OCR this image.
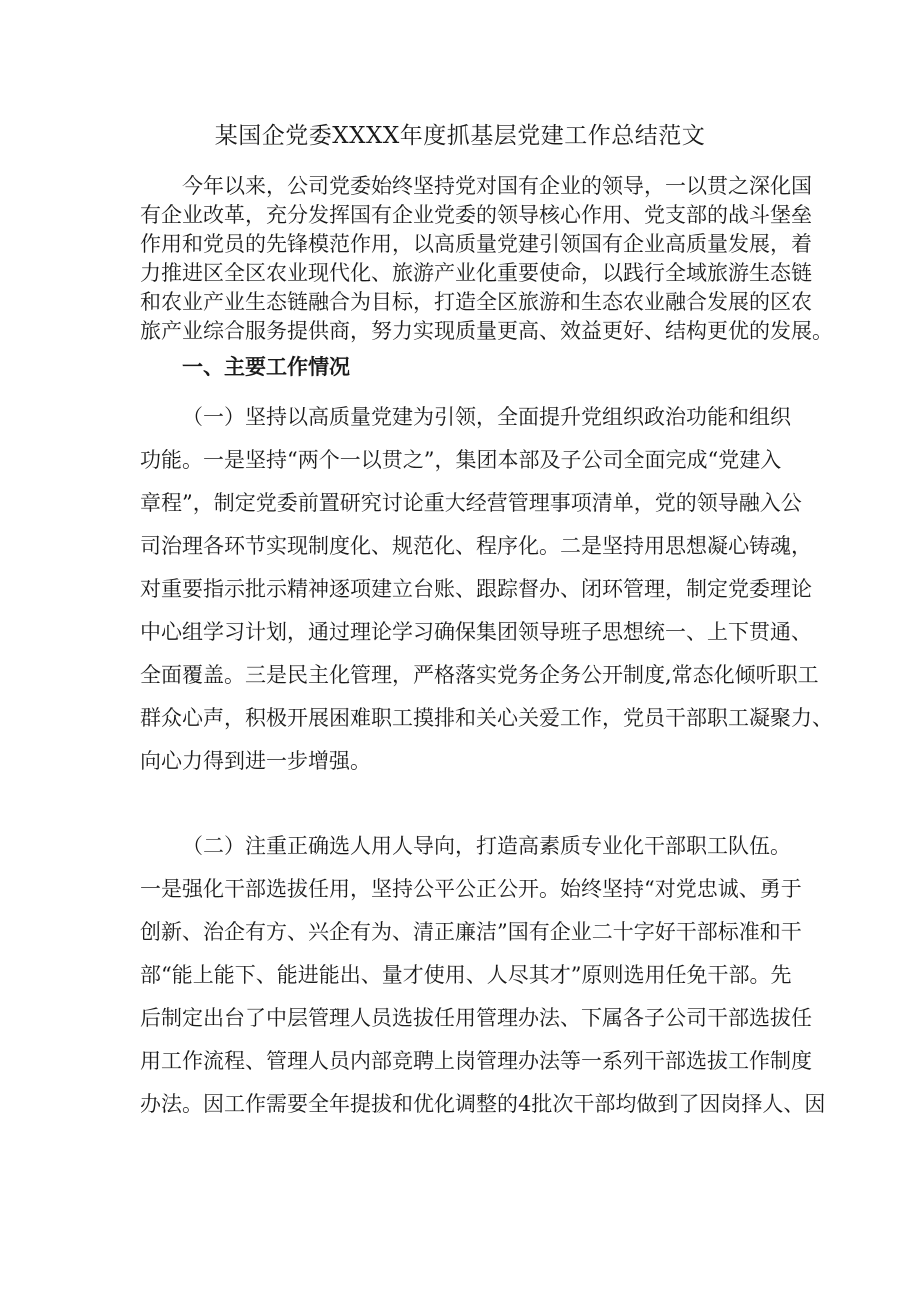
某国企党委XXXX年度抓基层党建工作总结范文

今年以来，公司党委始终坚持党对国有企业的领导，一以贯之深化国
有企业改革，充分发挥国有企业党委的领导核心作用、党支部的战斗堡垒
作用和党员的先锋模范作用，以高质量党建引领国有企业高质量发展，着
力推进区全区农业现代化、旅游产业化重要使命，以践行全域旅游生态链
和农业产业生态链融合为目标，打造全区旅游和生态农业融合发展的区农
旅产业综合服务提供商，努力实现质量更高、效益更好、结构更优的发展。

一、主要工作情况

（一）坚持以高质量党建为引领，全面提升党组织政治功能和组织
功能。一是坚持“两个一以贯之”，集团本部及子公司全面完成“党建入
章程”，制定党委前置研究讨论重大经营管理事项清单，党的领导融入公
司治理各环节实现制度化、规范化、程序化。二是坚持用思想凝心铸魂，
对重要指示批示精神逐项建立台账、跟踪督办、闭环管理，制定党委理论
中心组学习计划，通过理论学习确保集团领导班子思想统一、上下贯通、
全面覆盖。三是民主化管理，严格落实党务企务公开制度,常态化倾听职工
群众心声，积极开展困难职工摸排和关心关爱工作，党员干部职工凝聚力、
向心力得到进一步增强。

（二）注重正确选人用人导向，打造高素质专业化干部职工队伍。
一是强化干部选拔任用，坚持公平公正公开。始终坚持“对党忠诚、勇于
创新、治企有方、兴企有为、清正廉洁”国有企业二十字好干部标准和干
部“能上能下、能进能出、量才使用、人尽其才”原则选用任免干部。先
后制定出台了中层管理人员选拔任用管理办法、下属各子公司干部选拔任
用工作流程、管理人员内部竞聘上岗管理办法等一系列干部选拔工作制度
办法。因工作需要全年提拔和优化调整的4批次干部均做到了因岗择人、因
